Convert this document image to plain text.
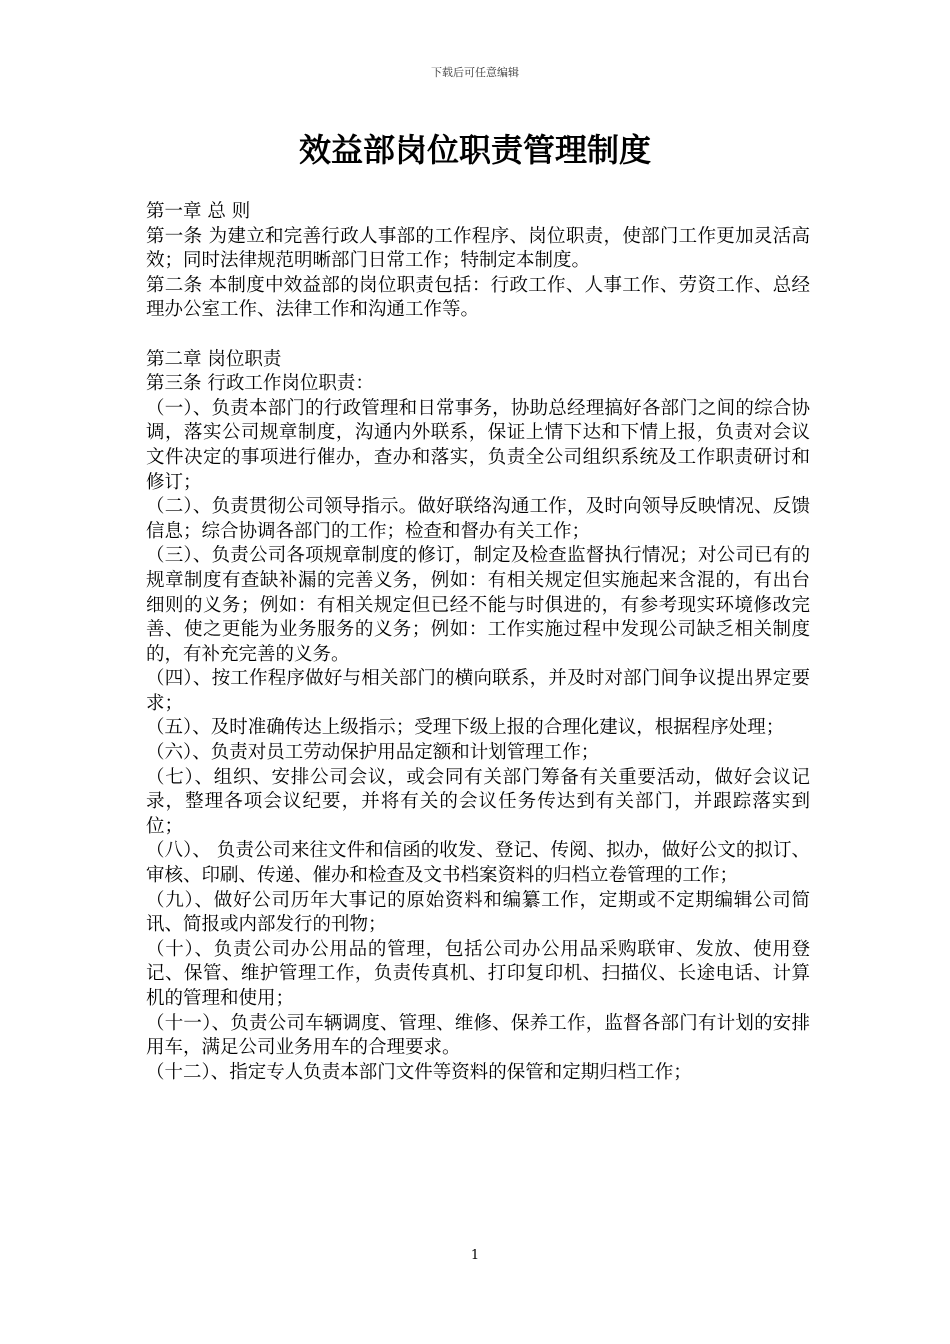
下载后可任意编辑
效益部岗位职责管理制度

第一章 总 则

第一条 为建立和完善行政人事部的工作程序、岗位职责，使部门工作更加灵活高效；同时法律规范明晰部门日常工作；特制定本制度。

第二条 本制度中效益部的岗位职责包括：行政工作、人事工作、劳资工作、总经理办公室工作、法律工作和沟通工作等。

第二章 岗位职责

第三条 行政工作岗位职责：

（一）、负责本部门的行政管理和日常事务，协助总经理搞好各部门之间的综合协调，落实公司规章制度，沟通内外联系，保证上情下达和下情上报，负责对会议文件决定的事项进行催办，查办和落实，负责全公司组织系统及工作职责研讨和修订；

（二）、负责贯彻公司领导指示。做好联络沟通工作，及时向领导反映情况、反馈信息；综合协调各部门的工作；检查和督办有关工作；

（三）、负责公司各项规章制度的修订，制定及检查监督执行情况；对公司已有的规章制度有查缺补漏的完善义务，例如：有相关规定但实施起来含混的，有出台细则的义务；例如：有相关规定但已经不能与时俱进的，有参考现实环境修改完善、使之更能为业务服务的义务；例如：工作实施过程中发现公司缺乏相关制度的，有补充完善的义务。

（四）、按工作程序做好与相关部门的横向联系，并及时对部门间争议提出界定要求；

（五）、及时准确传达上级指示；受理下级上报的合理化建议，根据程序处理；

（六）、负责对员工劳动保护用品定额和计划管理工作；

（七）、组织、安排公司会议，或会同有关部门筹备有关重要活动，做好会议记录，整理各项会议纪要，并将有关的会议任务传达到有关部门，并跟踪落实到位；

（八）、 负责公司来往文件和信函的收发、登记、传阅、拟办，做好公文的拟订、审核、印刷、传递、催办和检查及文书档案资料的归档立卷管理的工作；

（九）、做好公司历年大事记的原始资料和编纂工作，定期或不定期编辑公司简讯、简报或内部发行的刊物；

（十）、负责公司办公用品的管理，包括公司办公用品采购联审、发放、使用登记、保管、维护管理工作，负责传真机、打印复印机、扫描仪、长途电话、计算机的管理和使用；

（十一）、负责公司车辆调度、管理、维修、保养工作，监督各部门有计划的安排用车，满足公司业务用车的合理要求。

（十二）、指定专人负责本部门文件等资料的保管和定期归档工作；

1
